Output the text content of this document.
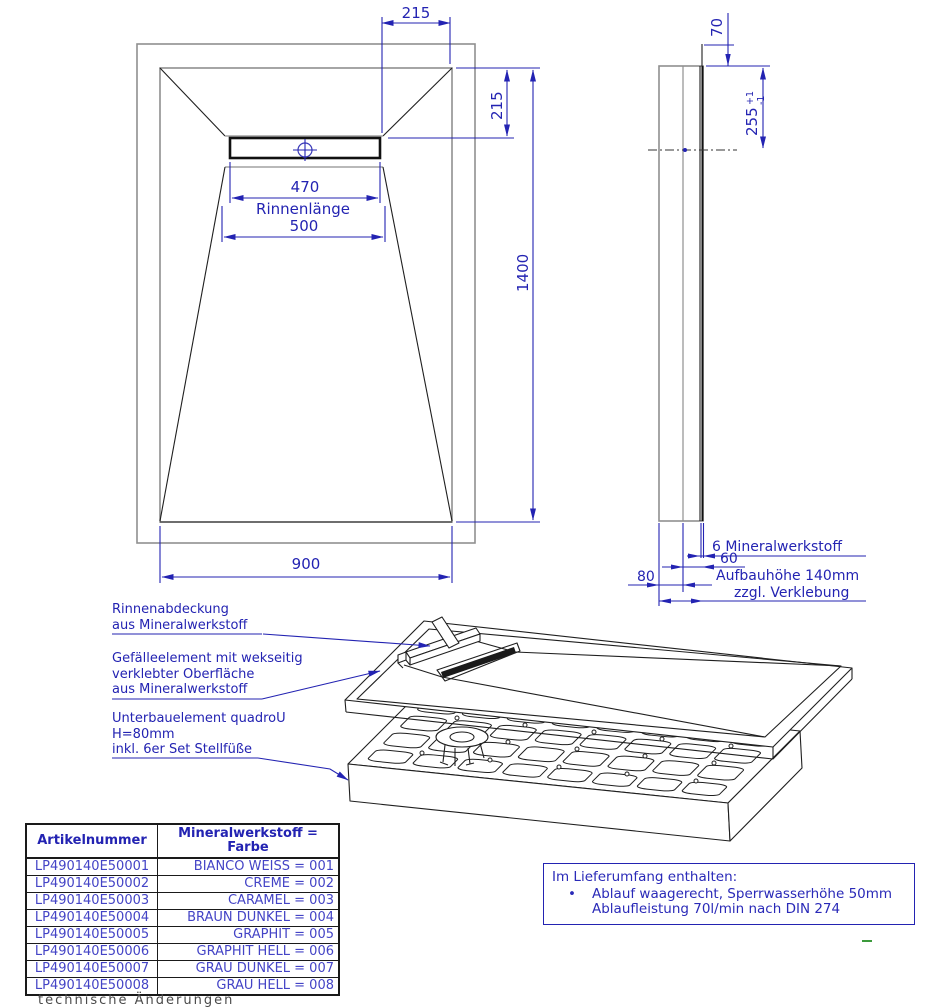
215
215
1400
900
470
Rinnenlänge
500
70
255
+1 -1
6 Mineralwerkstoff
60
80	Aufbauhöhe 140mm
zzgl. Verklebung
Rinnenabdeckung
aus Mineralwerkstoff
Gefälleelement mit wekseitig
verklebter Oberfläche
aus Mineralwerkstoff
Unterbauelement quadroU
H=80mm
inkl. 6er Set Stellfüße
Artikelnummer	Mineralwerkstoff =
Farbe

LP490140E50001	BIANCO WEISS = 001
LP490140E50002	CREME = 002
LP490140E50003	CARAMEL = 003
LP490140E50004	BRAUN DUNKEL = 004
LP490140E50005	GRAPHIT = 005
LP490140E50006	GRAPHIT HELL = 006
LP490140E50007	GRAU DUNKEL = 007
LP490140E50008	GRAU HELL = 008
Im Lieferumfang enthalten:
• Ablauf waagerecht, Sperrwasserhöhe 50mm
Ablaufleistung 70l/min nach DIN 274
technische Änderungen
